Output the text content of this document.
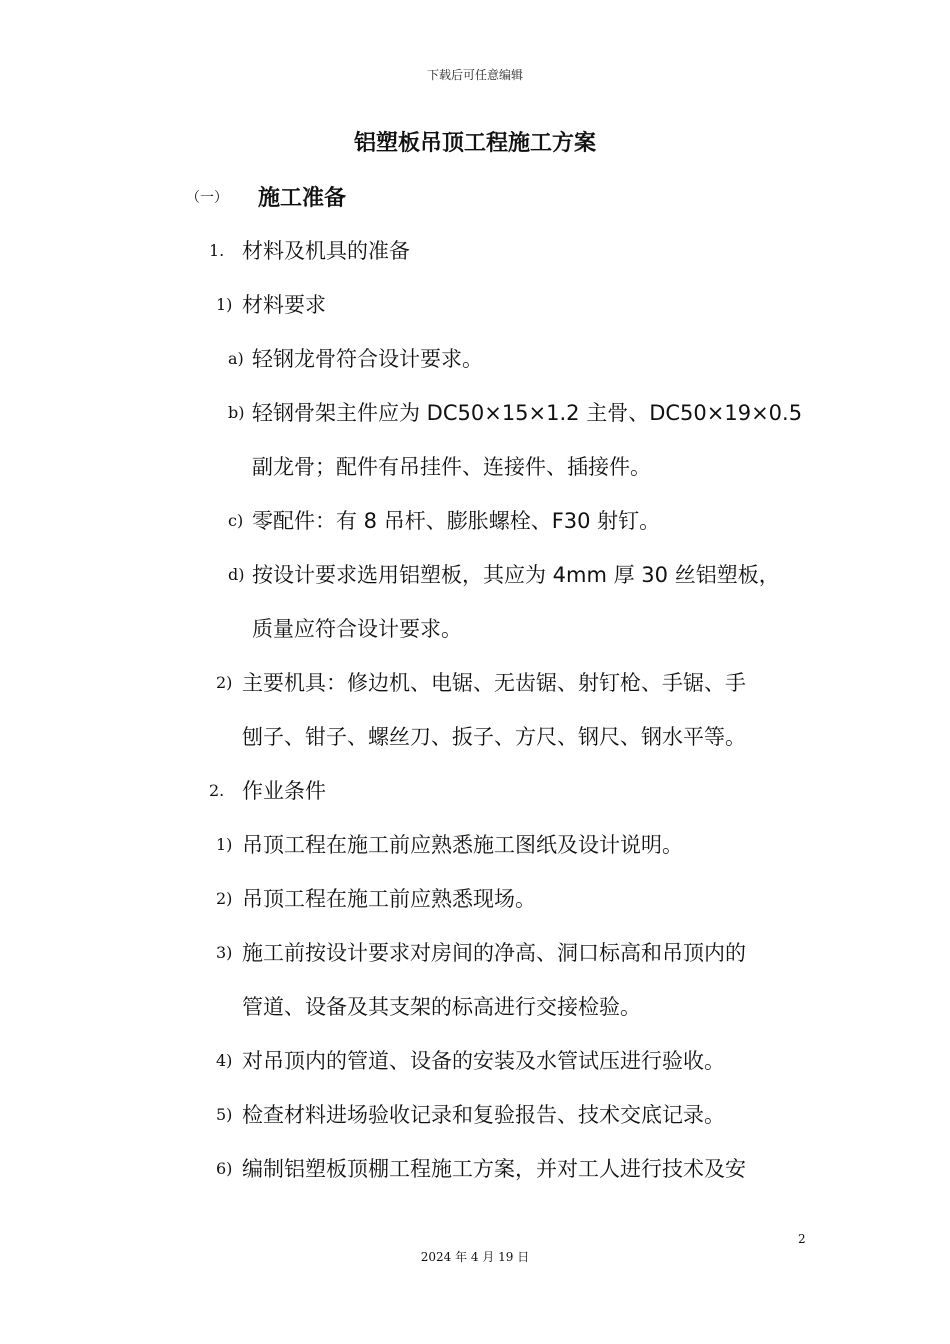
下载后可任意编辑
铝塑板吊顶工程施工方案
（一） 施工准备
1. 材料及机具的准备
1) 材料要求
a) 轻钢龙骨符合设计要求。
b) 轻钢骨架主件应为 DC50×15×1.2 主骨、DC50×19×0.5
副龙骨；配件有吊挂件、连接件、插接件。
c) 零配件：有 8 吊杆、膨胀螺栓、F30 射钉。
d) 按设计要求选用铝塑板，其应为 4mm 厚 30 丝铝塑板，
质量应符合设计要求。
2) 主要机具：修边机、电锯、无齿锯、射钉枪、手锯、手
刨子、钳子、螺丝刀、扳子、方尺、钢尺、钢水平等。
2. 作业条件
1) 吊顶工程在施工前应熟悉施工图纸及设计说明。
2) 吊顶工程在施工前应熟悉现场。
3) 施工前按设计要求对房间的净高、洞口标高和吊顶内的
管道、设备及其支架的标高进行交接检验。
4) 对吊顶内的管道、设备的安装及水管试压进行验收。
5) 检查材料进场验收记录和复验报告、技术交底记录。
6) 编制铝塑板顶棚工程施工方案，并对工人进行技术及安
2
2024 年 4 月 19 日
